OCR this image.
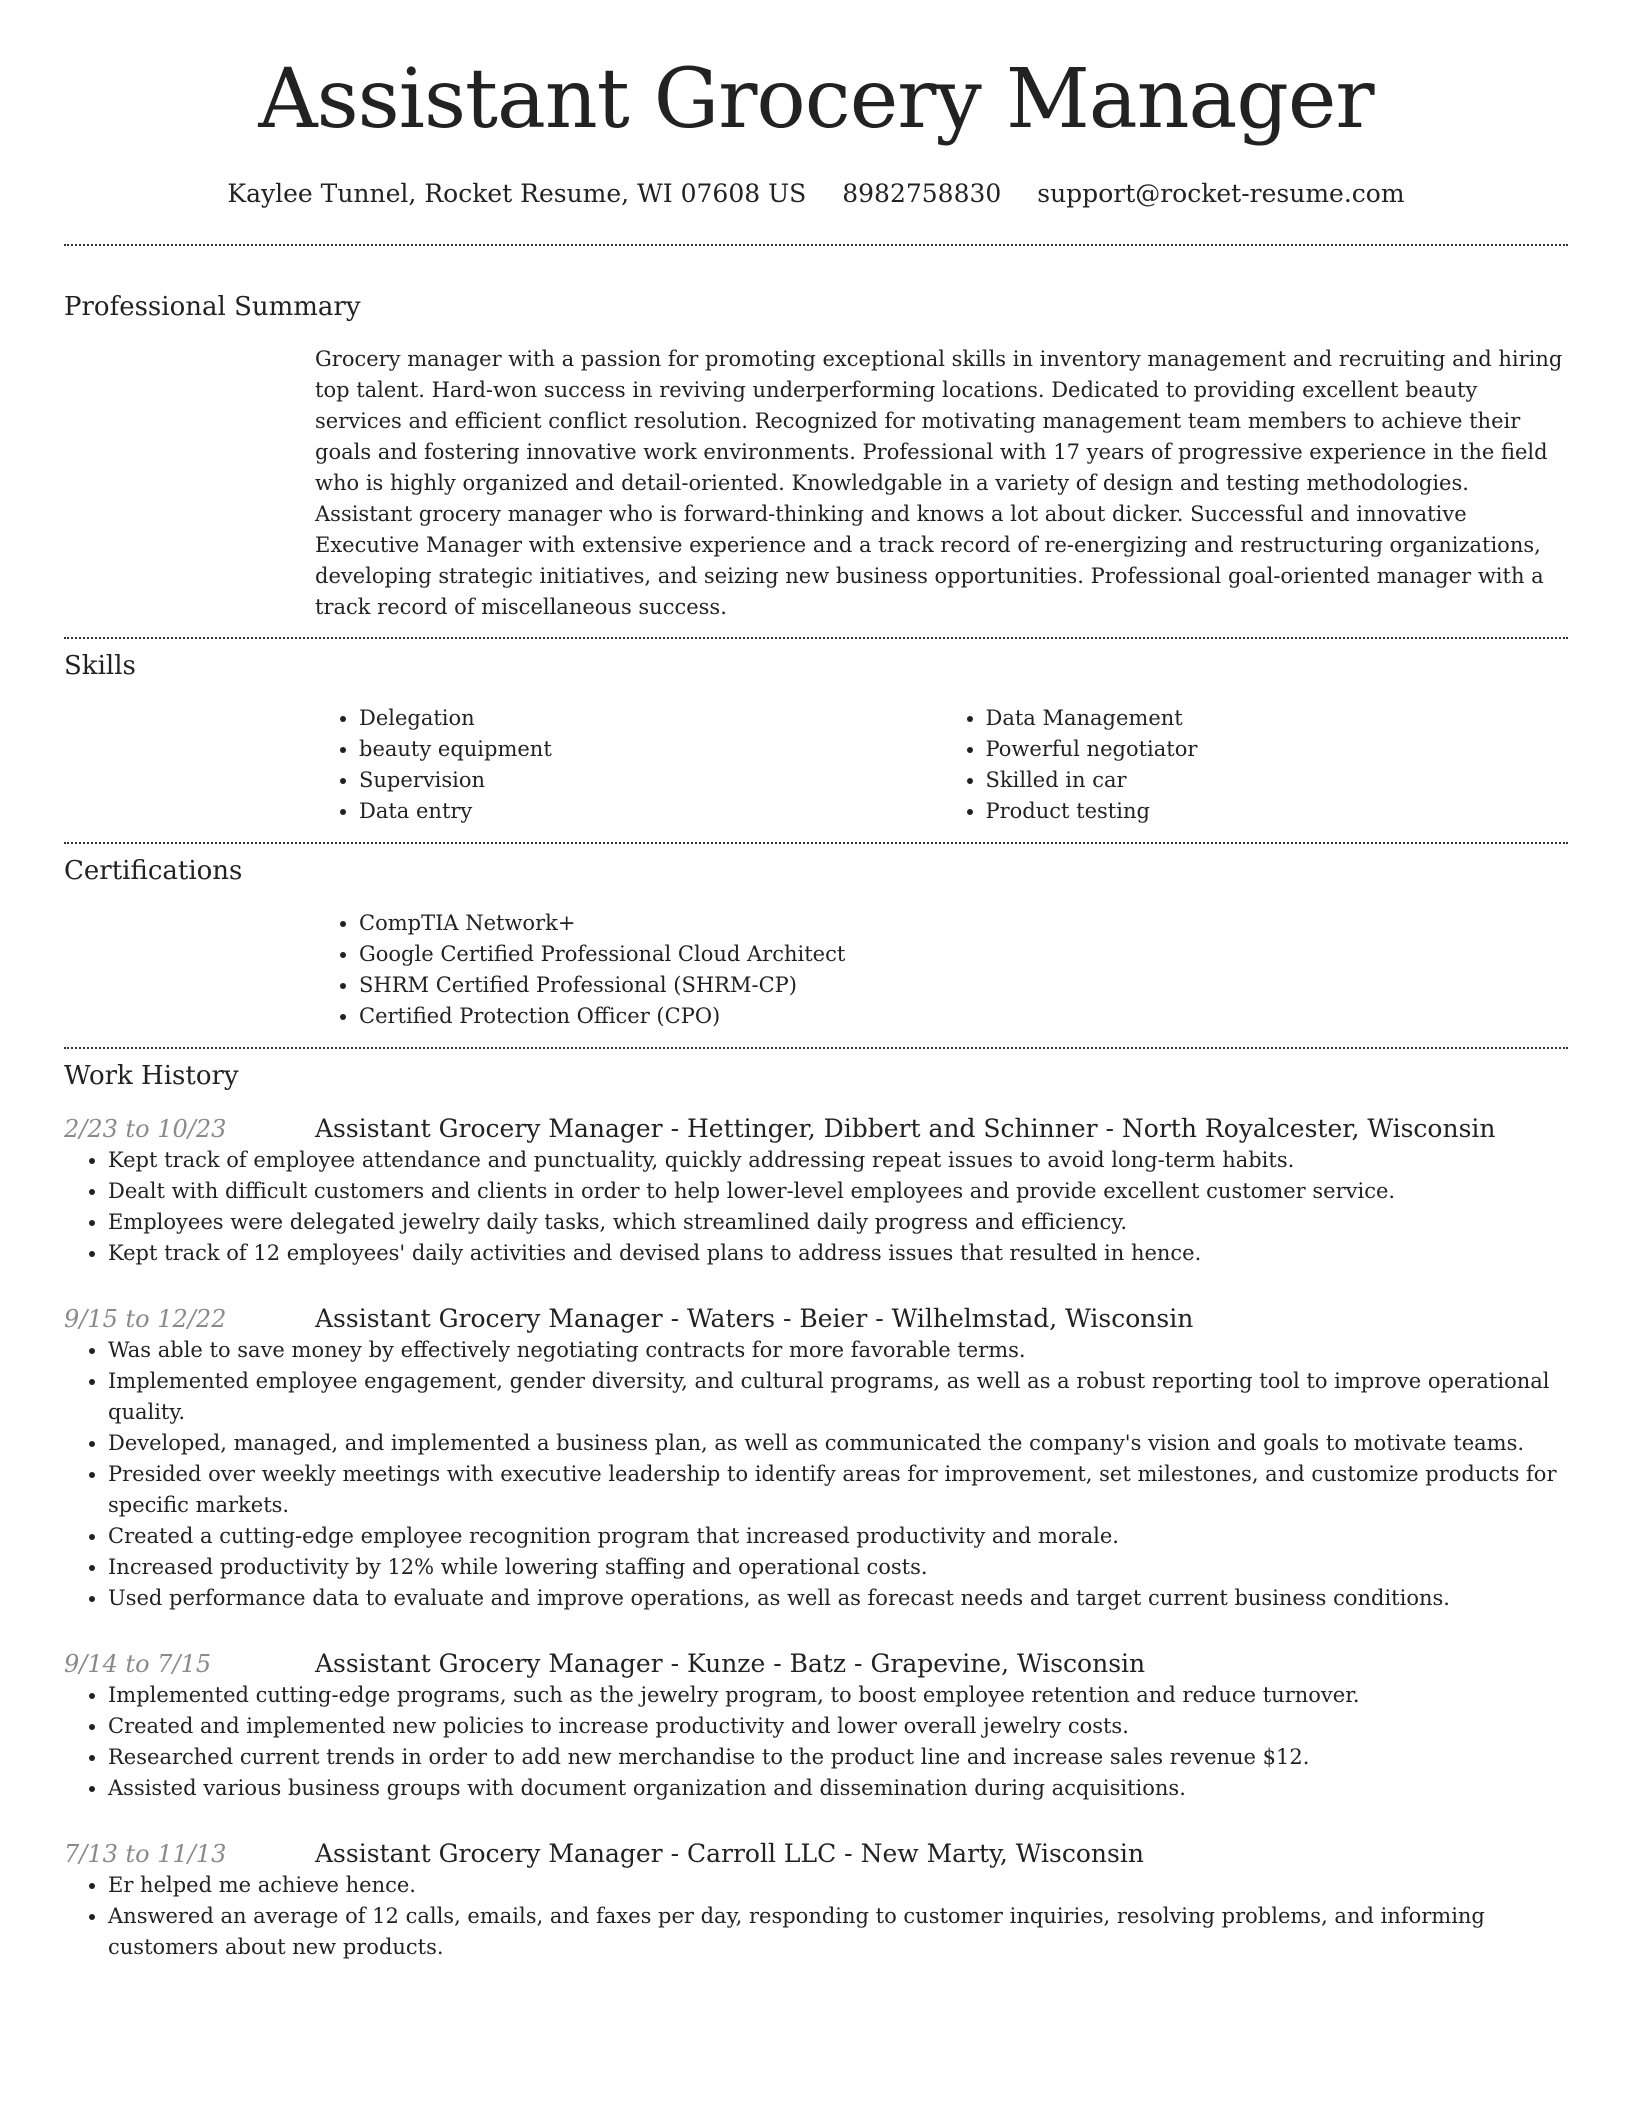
Assistant Grocery Manager
Kaylee Tunnel, Rocket Resume, WI 07608 US 8982758830 support@rocket-resume.com
Professional Summary

Grocery manager with a passion for promoting exceptional skills in inventory management and recruiting and hiring top talent. Hard-won success in reviving underperforming locations. Dedicated to providing excellent beauty services and efficient conflict resolution. Recognized for motivating management team members to achieve their goals and fostering innovative work environments. Professional with 17 years of progressive experience in the field who is highly organized and detail-oriented. Knowledgable in a variety of design and testing methodologies. Assistant grocery manager who is forward-thinking and knows a lot about dicker. Successful and innovative Executive Manager with extensive experience and a track record of re-energizing and restructuring organizations, developing strategic initiatives, and seizing new business opportunities. Professional goal-oriented manager with a track record of miscellaneous success.

Skills
• Delegation
• beauty equipment
• Supervision
• Data entry
• Data Management
• Powerful negotiator
• Skilled in car
• Product testing
Certifications
• CompTIA Network+
• Google Certified Professional Cloud Architect
• SHRM Certified Professional (SHRM-CP)
• Certified Protection Officer (CPO)
Work History
2/23 to 10/23	Assistant Grocery Manager - Hettinger, Dibbert and Schinner - North Royalcester, Wisconsin
• Kept track of employee attendance and punctuality, quickly addressing repeat issues to avoid long-term habits.
• Dealt with difficult customers and clients in order to help lower-level employees and provide excellent customer service.
• Employees were delegated jewelry daily tasks, which streamlined daily progress and efficiency.
• Kept track of 12 employees' daily activities and devised plans to address issues that resulted in hence.
9/15 to 12/22	Assistant Grocery Manager - Waters - Beier - Wilhelmstad, Wisconsin
• Was able to save money by effectively negotiating contracts for more favorable terms.
• Implemented employee engagement, gender diversity, and cultural programs, as well as a robust reporting tool to improve operational quality.
• Developed, managed, and implemented a business plan, as well as communicated the company's vision and goals to motivate teams.
• Presided over weekly meetings with executive leadership to identify areas for improvement, set milestones, and customize products for specific markets.
• Created a cutting-edge employee recognition program that increased productivity and morale.
• Increased productivity by 12% while lowering staffing and operational costs.
• Used performance data to evaluate and improve operations, as well as forecast needs and target current business conditions.
9/14 to 7/15	Assistant Grocery Manager - Kunze - Batz - Grapevine, Wisconsin
• Implemented cutting-edge programs, such as the jewelry program, to boost employee retention and reduce turnover.
• Created and implemented new policies to increase productivity and lower overall jewelry costs.
• Researched current trends in order to add new merchandise to the product line and increase sales revenue $12.
• Assisted various business groups with document organization and dissemination during acquisitions.
7/13 to 11/13	Assistant Grocery Manager - Carroll LLC - New Marty, Wisconsin
• Er helped me achieve hence.
• Answered an average of 12 calls, emails, and faxes per day, responding to customer inquiries, resolving problems, and informing customers about new products.
